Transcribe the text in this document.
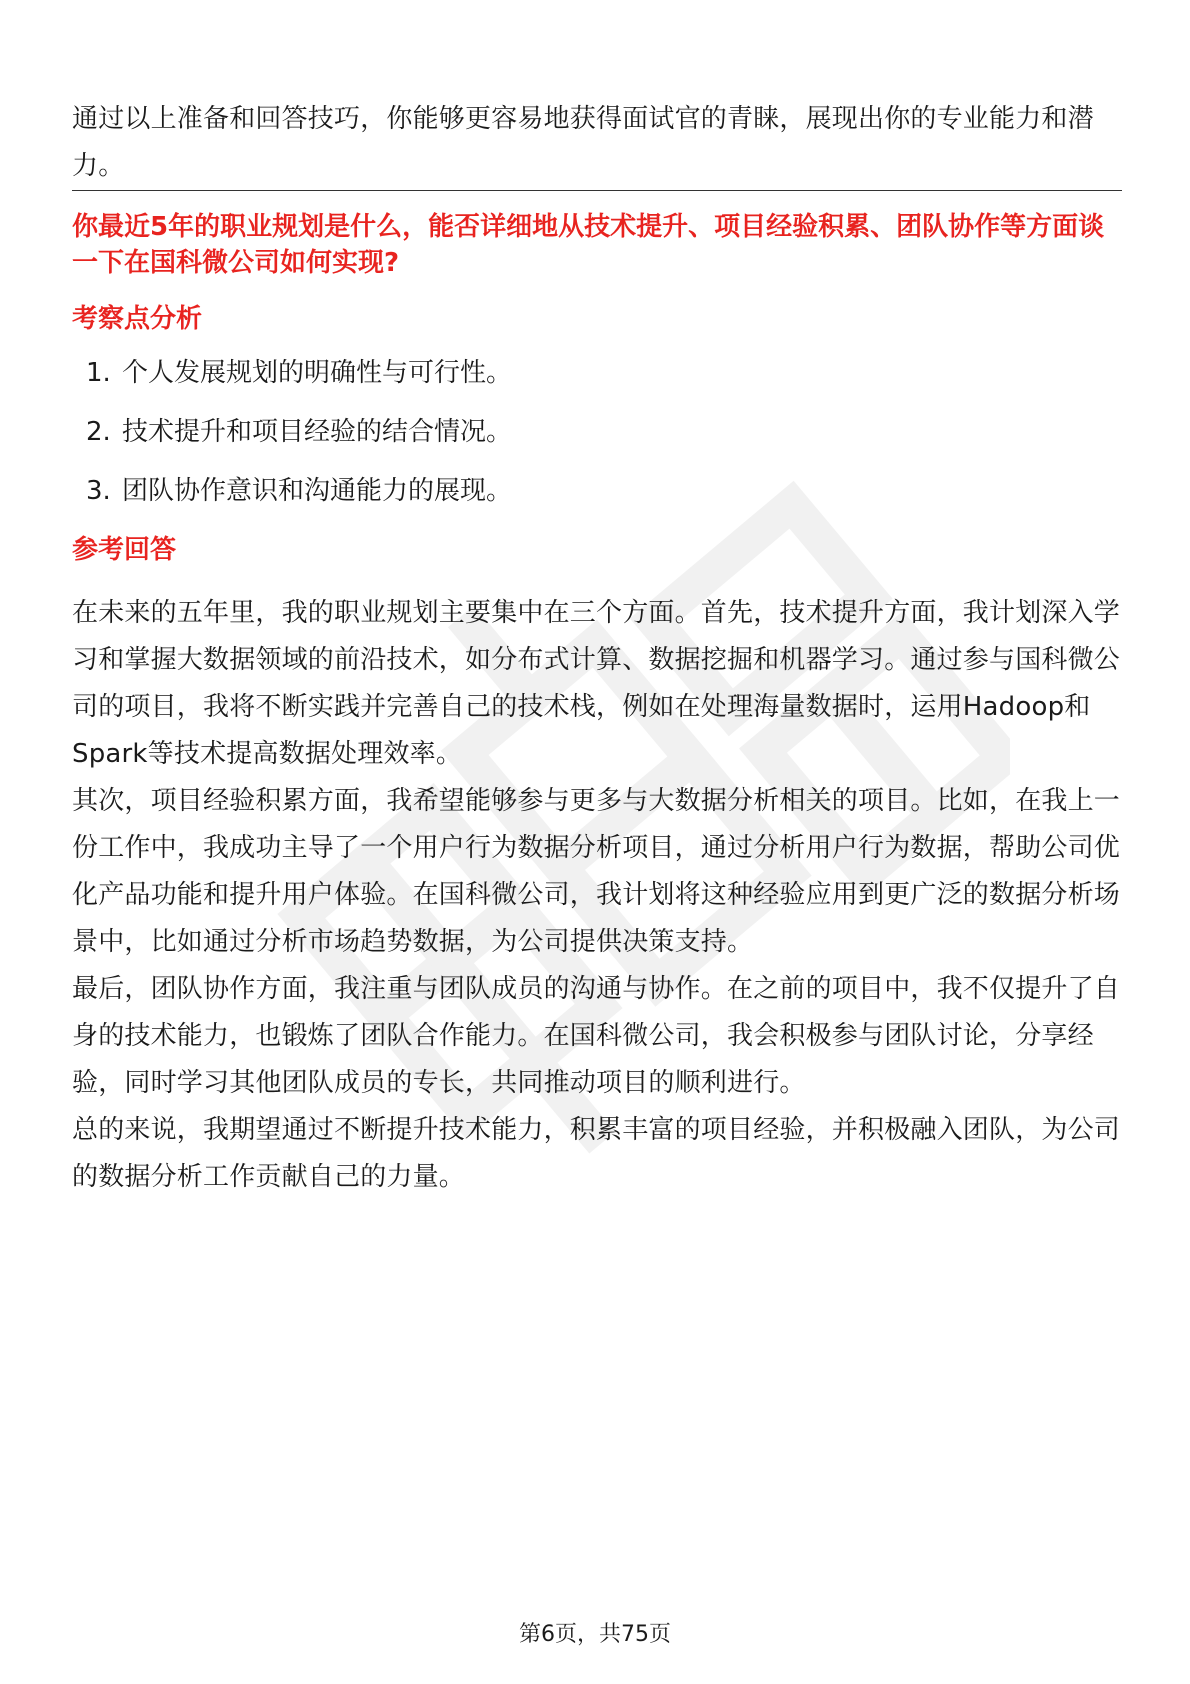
通过以上准备和回答技巧，你能够更容易地获得面试官的青睐，展现出你的专业能力和潜力。

你最近5年的职业规划是什么，能否详细地从技术提升、项目经验积累、团队协作等方面谈一下在国科微公司如何实现?

考察点分析
1. 个人发展规划的明确性与可行性。
2. 技术提升和项目经验的结合情况。
3. 团队协作意识和沟通能力的展现。
参考回答

在未来的五年里，我的职业规划主要集中在三个方面。首先，技术提升方面，我计划深入学习和掌握大数据领域的前沿技术，如分布式计算、数据挖掘和机器学习。通过参与国科微公司的项目，我将不断实践并完善自己的技术栈，例如在处理海量数据时，运用Hadoop和Spark等技术提高数据处理效率。

其次，项目经验积累方面，我希望能够参与更多与大数据分析相关的项目。比如，在我上一份工作中，我成功主导了一个用户行为数据分析项目，通过分析用户行为数据，帮助公司优化产品功能和提升用户体验。在国科微公司，我计划将这种经验应用到更广泛的数据分析场景中，比如通过分析市场趋势数据，为公司提供决策支持。

最后，团队协作方面，我注重与团队成员的沟通与协作。在之前的项目中，我不仅提升了自身的技术能力，也锻炼了团队合作能力。在国科微公司，我会积极参与团队讨论，分享经验，同时学习其他团队成员的专长，共同推动项目的顺利进行。

总的来说，我期望通过不断提升技术能力，积累丰富的项目经验，并积极融入团队，为公司的数据分析工作贡献自己的力量。

第6页，共75页
